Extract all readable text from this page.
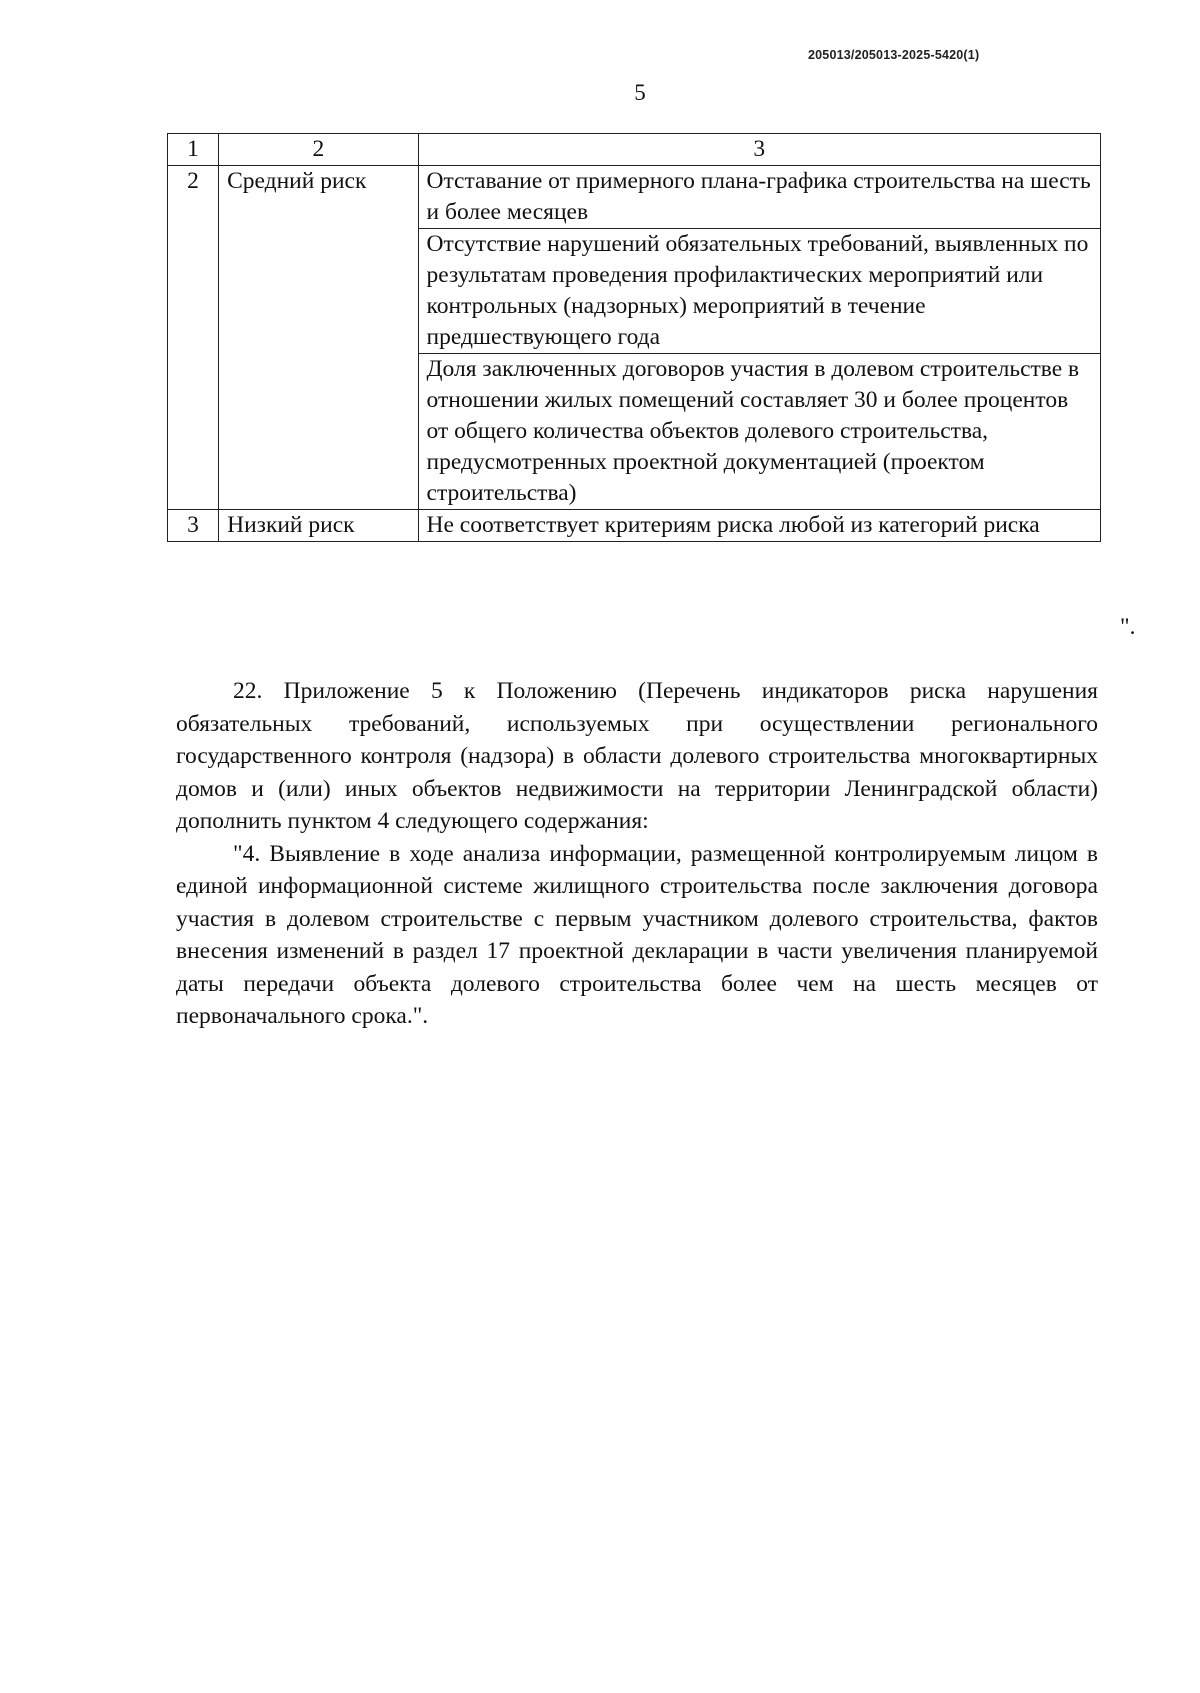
205013/205013-2025-5420(1)
5
1	2	3
2	Средний риск	Отставание от примерного плана-графика строительства на шесть и более месяцев
		Отсутствие нарушений обязательных требований, выявленных по результатам проведения профилактических мероприятий или контрольных (надзорных) мероприятий в течение предшествующего года
		Доля заключенных договоров участия в долевом строительстве в отношении жилых помещений составляет 30 и более процентов от общего количества объектов долевого строительства, предусмотренных проектной документацией (проектом строительства)
3	Низкий риск	Не соответствует критериям риска любой из категорий риска
".

22. Приложение 5 к Положению (Перечень индикаторов риска нарушения обязательных требований, используемых при осуществлении регионального государственного контроля (надзора) в области долевого строительства многоквартирных домов и (или) иных объектов недвижимости на территории Ленинградской области) дополнить пунктом 4 следующего содержания:

"4. Выявление в ходе анализа информации, размещенной контролируемым лицом в единой информационной системе жилищного строительства после заключения договора участия в долевом строительстве с первым участником долевого строительства, фактов внесения изменений в раздел 17 проектной декларации в части увеличения планируемой даты передачи объекта долевого строительства более чем на шесть месяцев от первоначального срока.".
